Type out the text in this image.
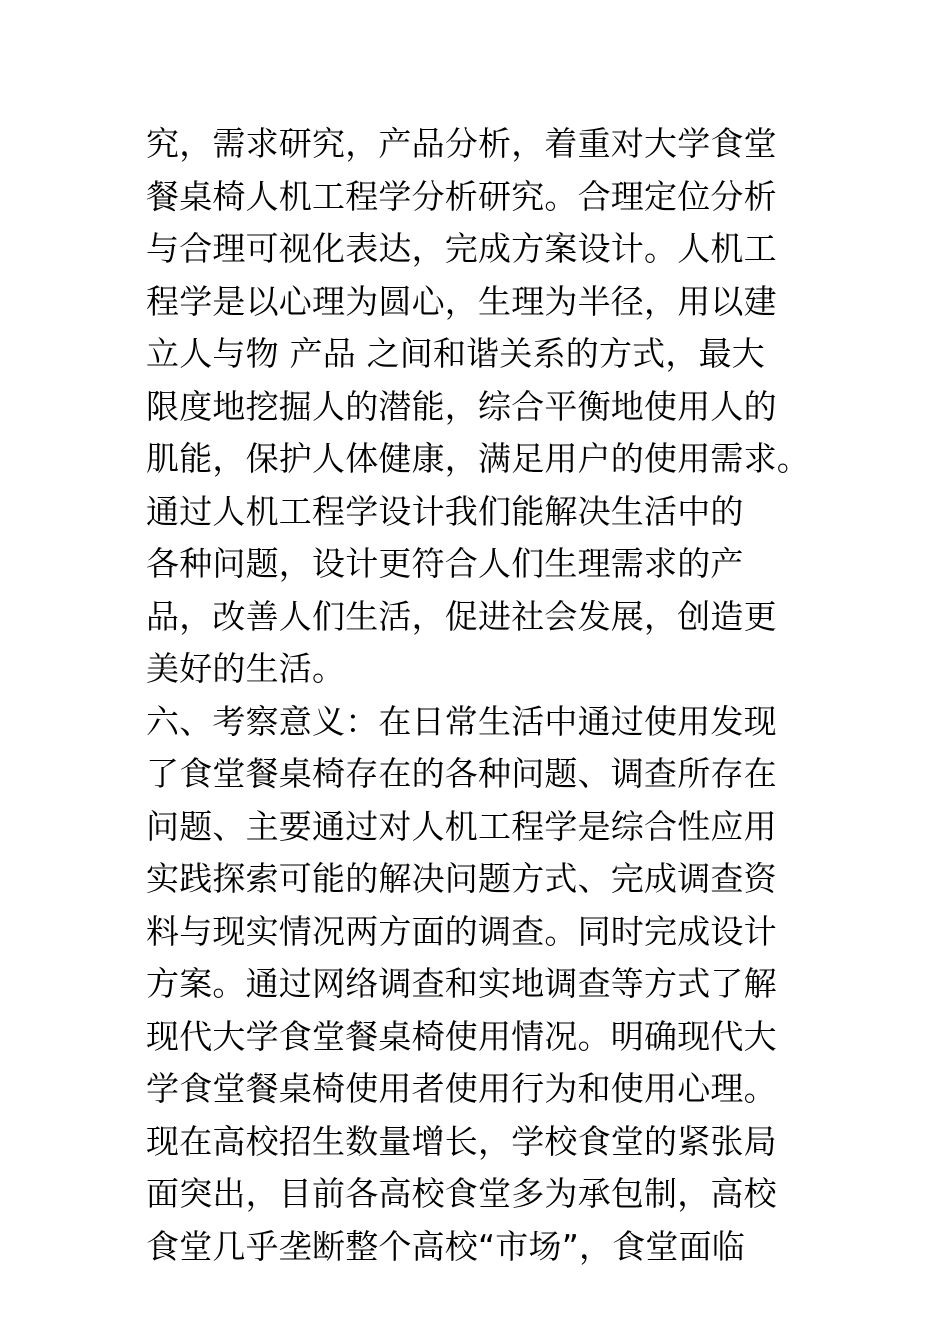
究，需求研究，产品分析，着重对大学食堂
餐桌椅人机工程学分析研究。合理定位分析
与合理可视化表达，完成方案设计。人机工
程学是以心理为圆心，生理为半径，用以建
立人与物 产品 之间和谐关系的方式，最大
限度地挖掘人的潜能，综合平衡地使用人的
肌能，保护人体健康，满足用户的使用需求。
通过人机工程学设计我们能解决生活中的
各种问题，设计更符合人们生理需求的产
品，改善人们生活，促进社会发展，创造更
美好的生活。
六、考察意义：在日常生活中通过使用发现
了食堂餐桌椅存在的各种问题、调查所存在
问题、主要通过对人机工程学是综合性应用
实践探索可能的解决问题方式、完成调查资
料与现实情况两方面的调查。同时完成设计
方案。通过网络调查和实地调查等方式了解
现代大学食堂餐桌椅使用情况。明确现代大
学食堂餐桌椅使用者使用行为和使用心理。
现在高校招生数量增长，学校食堂的紧张局
面突出，目前各高校食堂多为承包制，高校
食堂几乎垄断整个高校“市场”，食堂面临
